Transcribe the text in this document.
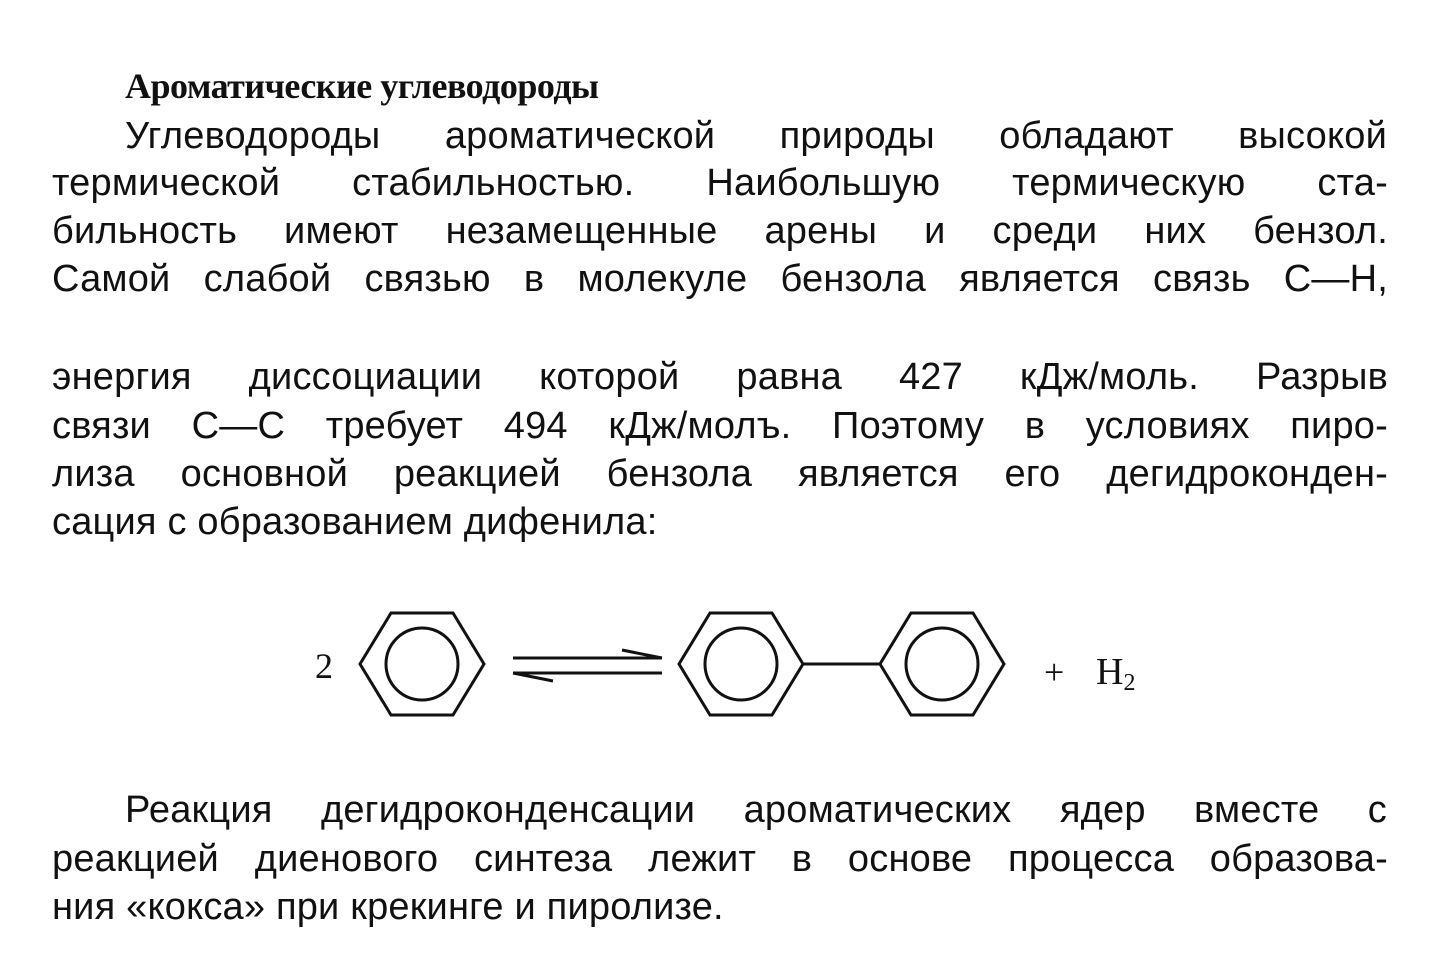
Ароматические углеводороды
Углеводороды ароматической природы обладают высокой
термической стабильностью. Наибольшую термическую ста-
бильность имеют незамещенные арены и среди них бензол.
Самой слабой связью в молекуле бензола является связь С—Н,
энергия диссоциации которой равна 427 кДж/моль. Разрыв
связи С—С требует 494 кДж/молъ. Поэтому в условиях пиро-
лиза основной реакцией бензола является его дегидроконден-
сация с образованием дифенила:
2	+ $H_2$
Реакция дегидроконденсации ароматических ядер вместе с
реакцией диенового синтеза лежит в основе процесса образова-
ния «кокса» при крекинге и пиролизе.
